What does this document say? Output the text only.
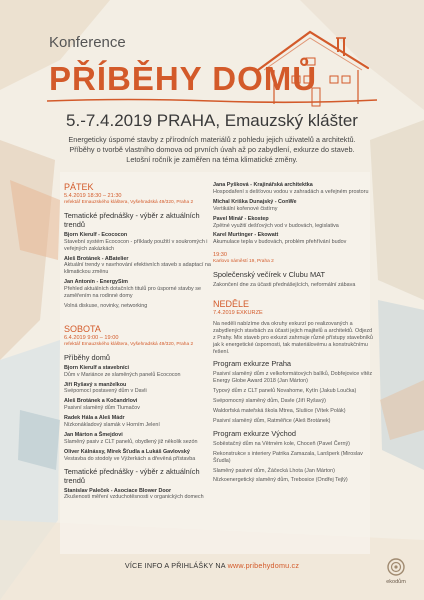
Konference
PŘÍBĚHY DOMŮ
5.-7.4.2019 PRAHA, Emauzský klášter
Energeticky úsporné stavby z přírodních materiálů z pohledu jejich uživatelů a architektů.
Příběhy o tvorbě vlastního domova od prvních úvah až po zabydlení, exkurze do staveb.
Letošní ročník je zaměřen na téma klimatické změny.
PÁTEK
5.4.2019 18:30 – 21:30
refektář Emauzského kláštera, Vyšehradská 49/320, Praha 2
Tematické přednášky - výběr z aktuálních trendů
Bjorn Kierulf - Ecococon
Stavební systém Ecococon - příklady použití v soukromých i veřejných zakázkách
Aleš Brotánek - ABatelier
Aktuální trendy v navrhování efektivních staveb s adaptací na klimatickou změnu
Jan Antonín - EnergySim
Přehled aktuálních dotačních titulů pro úsporné stavby se zaměřením na rodinné domy
Volná diskuse, novinky, networking
SOBOTA
6.4.2019 9:00 – 19:00
refektář Emauzského kláštera, Vyšehradská 49/320, Praha 2
Příběhy domů
Bjorn Kierulf a stavebníci
Dům v Mariánce ze slaměných panelů Ecococon
Jiří Ryšavý s manželkou
Svépomocí postavený dům v Davli
Aleš Brotánek a Kočandrlovi
Pasivní slaměný dům Tlumačov
Radek Hála a Aleš Mádr
Nízkonákladový slamák v Horním Jelení
Jan Márton a Šmejdovi
Slaměný pasiv z CLT panelů, obydlený již několik sezón
Oliver Kálnássy, Mirek Šťudla a Lukáš Gavlovský
Vestavba do stodoly ve Výžerkách a dřevěná přístavba
Tematické přednášky - výběr z aktuálních trendů
Stanislav Paleček - Asociace Blower Door
Zkušenosti měření vzduchotěsnosti v organických domech
Jana Pyšková - Krajinářská architektka
Hospodaření s dešťovou vodou v zahradách a veřejném prostoru
Michal Kriška Dunajský - ConWe
Vertikální kořenové čistírny
Pavel Minář - Ekostep
Zpětné využití dešťových vod v budovách, legislativa
Karel Murtinger - Ekowatt
Akumulace tepla v budovách, problém přehřívání budov
19:30
Karlovo náměstí 19, Praha 2
Společenský večírek v Clubu MAT
Zakončení dne za účasti přednášejících, neformální zábava
NEDĚLE
7.4.2019 EXKURZE
Na neděli nabízíme dva okruhy exkurzí po realizovaných a zabydlených stavbách za účasti jejich majitelů a architektů. Odjezd z Prahy. Mix staveb pro exkurzi zahrnuje různé přístupy stavebníků jak k energetické úspornosti, tak materiálovému a konstrukčnímu řešení.
Program exkurze Praha
Pasivní slaměný dům z velkoformátových balíků, Dobřejovice vítěz Energy Globe Award 2018 (Jan Márton)
Typový dům z CLT panelů Novahome, Kytín (Jakub Loučka)
Svépomocný slaměný dům, Davle (Jiří Ryšavý)
Waldorfská mateřská škola Mtrea, Slušice (Vítek Polák)
Pasivní slaměný dům, Ratměřice (Aleš Brotánek)
Program exkurze Východ
Soběstačný dům na Větrném kole, Choceň (Pavel Černý)
Rekonstrukce s interiery Patrika Zamazala, Lanšperk (Miroslav Šťudla)
Slaměný pasivní dům, Žáčecká Lhota (Jan Márton)
Nízkoenergetický slaměný dům, Trebosice (Ondřej Tejlý)
VÍCE INFO A PŘIHLÁŠKY NA www.pribehydomu.cz
ekodům
